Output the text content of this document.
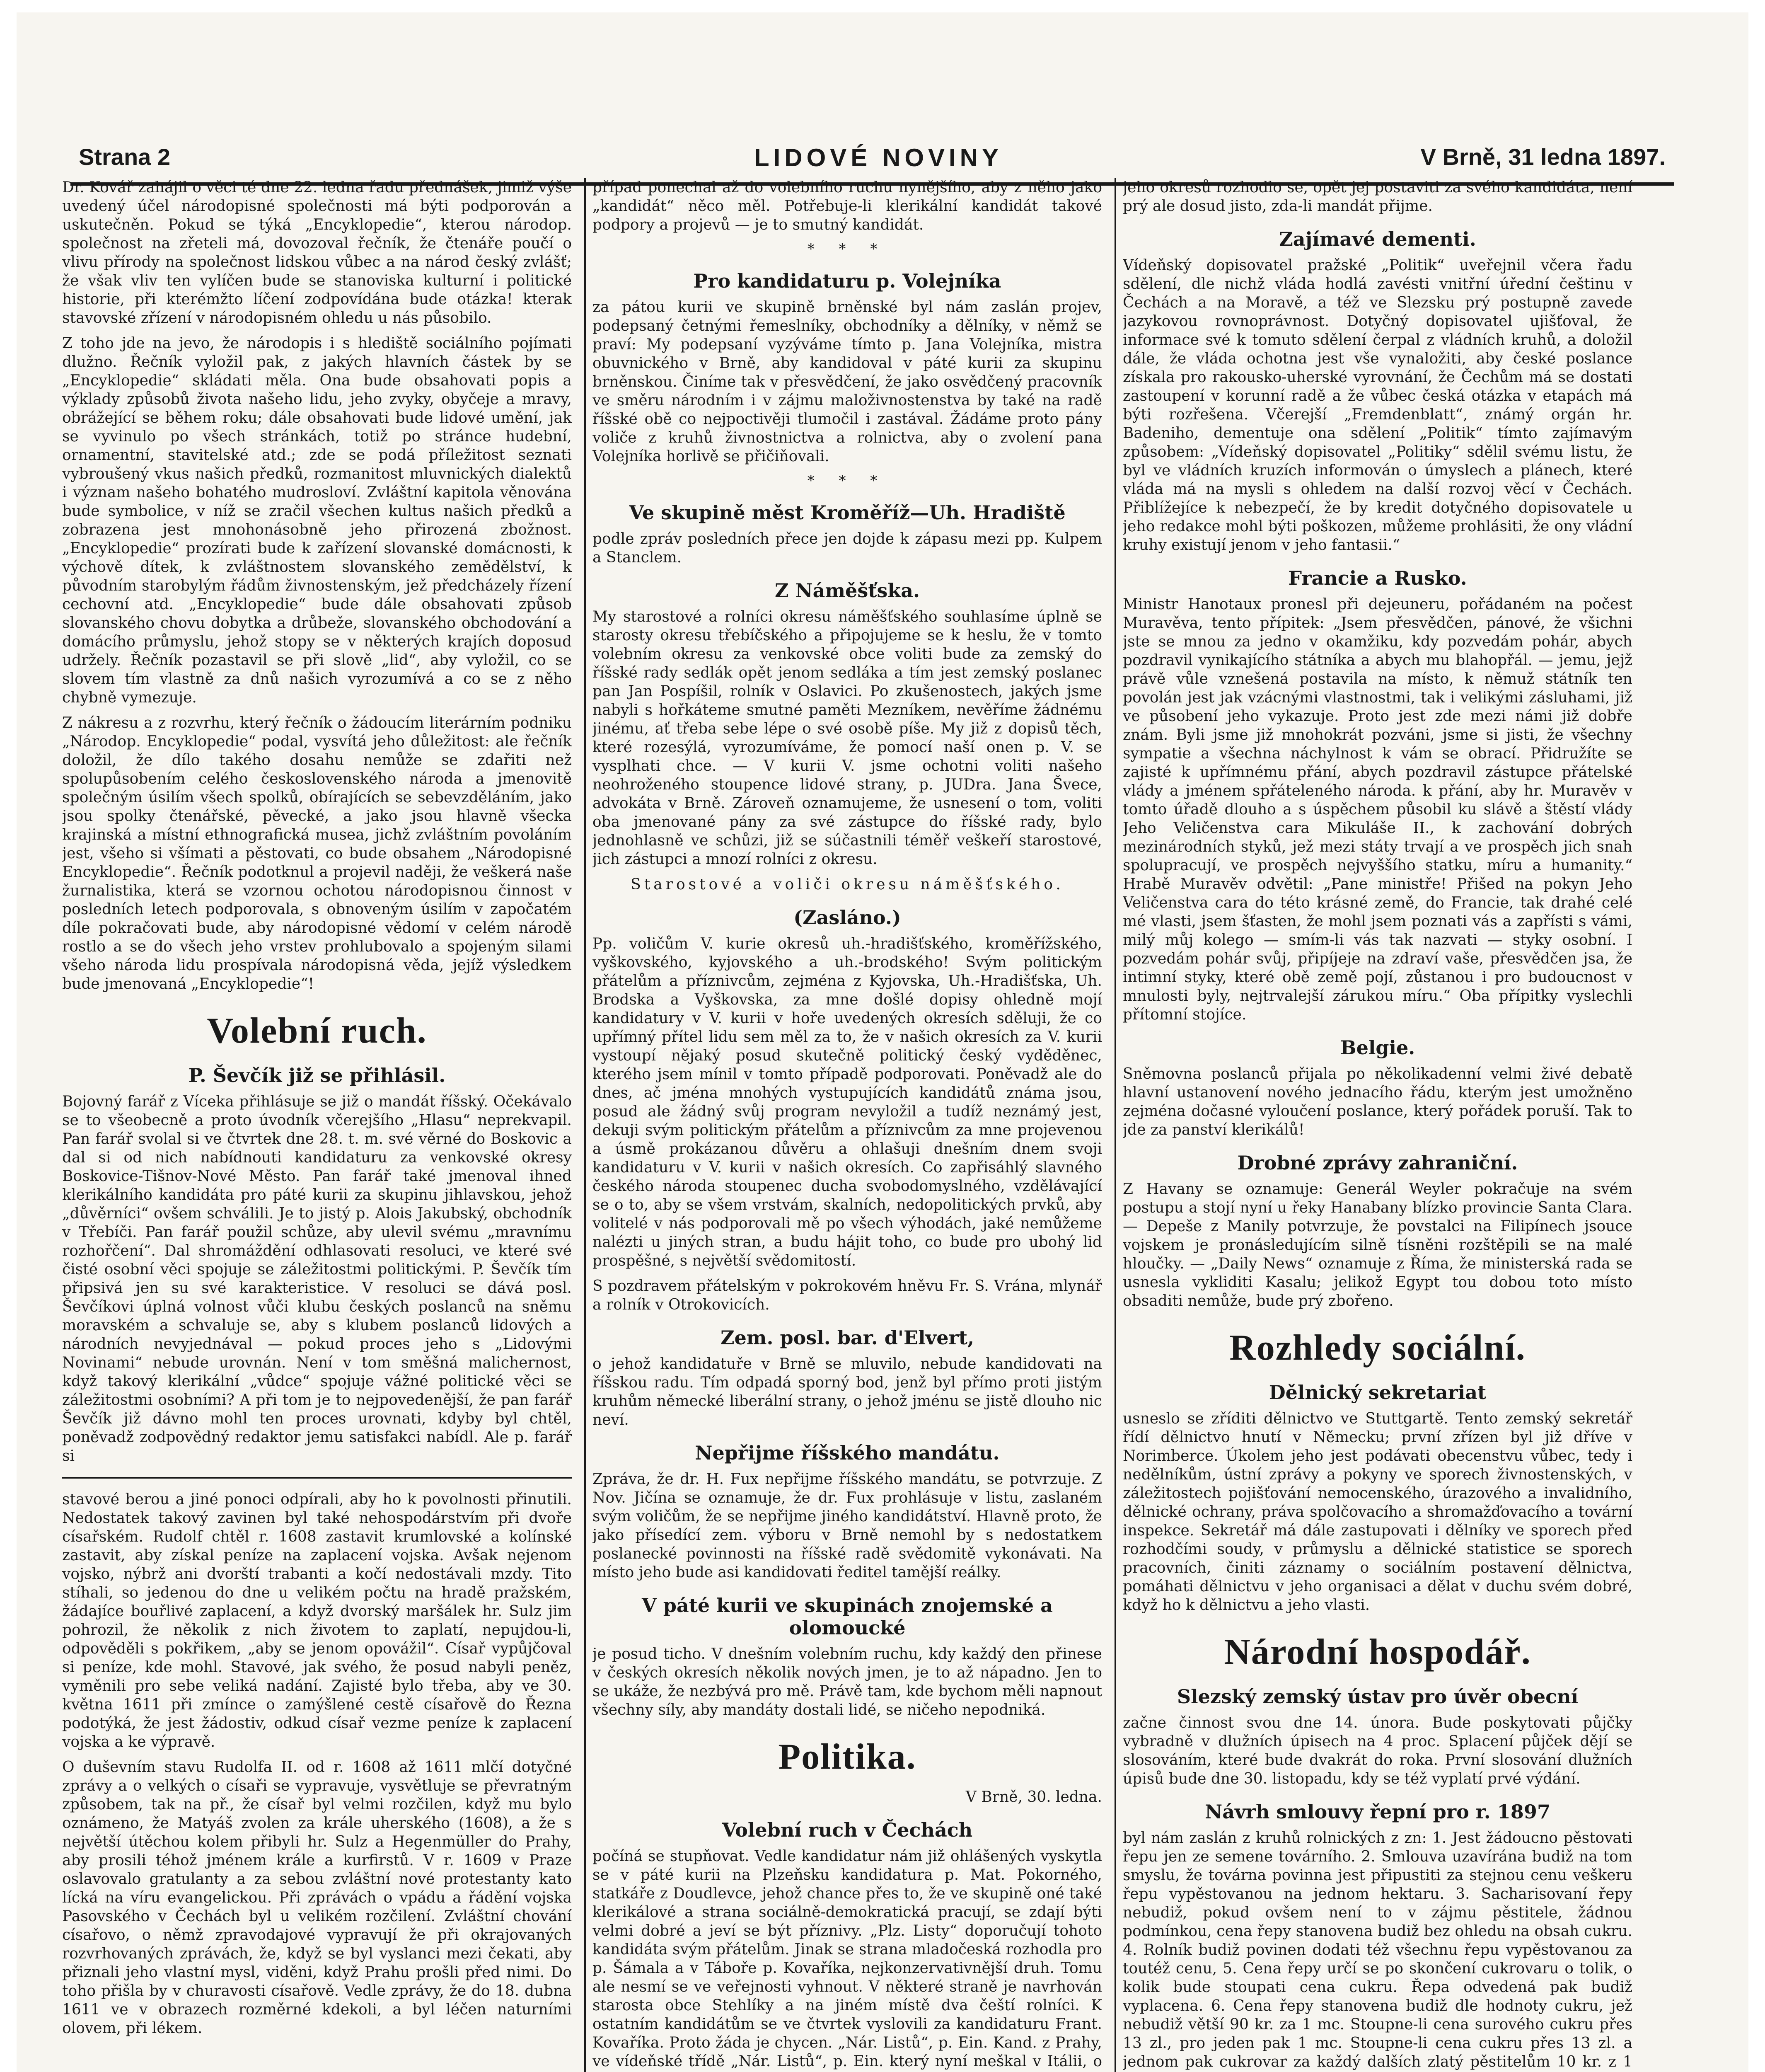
Strana 2	LIDOVÉ NOVINY	V Brně, 31 ledna 1897.

Dr. Kovář zahájil o věci té dne 22. ledna řadu přednášek, jimiž výše uvedený účel národopisné společnosti má býti podporován a uskutečněn. Pokud se týká „Encyklopedie“, kterou národop. společnost na zřeteli má, dovozoval řečník, že čtenáře poučí o vlivu přírody na společnost lidskou vůbec a na národ český zvlášť; že však vliv ten vylíčen bude se stanoviska kulturní i politické historie, při kterémžto líčení zodpovídána bude otázka! kterak stavovské zřízení v národopisném ohledu u nás působilo.

Z toho jde na jevo, že národopis i s hlediště sociálního pojímati dlužno. Řečník vyložil pak, z jakých hlavních částek by se „Encyklopedie“ skládati měla. Ona bude obsahovati popis a výklady způsobů života našeho lidu, jeho zvyky, obyčeje a mravy, obrážející se během roku; dále obsahovati bude lidové umění, jak se vyvinulo po všech stránkách, totiž po stránce hudební, ornamentní, stavitelské atd.; zde se podá příležitost seznati vybroušený vkus našich předků, rozmanitost mluvnických dialektů i význam našeho bohatého mudrosloví. Zvláštní kapitola věnována bude symbolice, v níž se zračil všechen kultus našich předků a zobrazena jest mnohonásobně jeho přirozená zbožnost. „Encyklopedie“ prozírati bude k zařízení slovanské domácnosti, k výchově dítek, k zvláštnostem slovanského zemědělství, k původním starobylým řádům živnostenským, jež předcházely řízení cechovní atd. „Encyklopedie“ bude dále obsahovati způsob slovanského chovu dobytka a drůbeže, slovanského obchodování a domácího průmyslu, jehož stopy se v některých krajích doposud udržely. Řečník pozastavil se při slově „lid“, aby vyložil, co se slovem tím vlastně za dnů našich vyrozumívá a co se z něho chybně vymezuje.

Z nákresu a z rozvrhu, který řečník o žádoucím literárním podniku „Národop. Encyklopedie“ podal, vysvítá jeho důležitost: ale řečník doložil, že dílo takého dosahu nemůže se zdařiti než spolupůsobením celého československého národa a jmenovitě společným úsilím všech spolků, obírajících se sebevzděláním, jako jsou spolky čtenářské, pěvecké, a jako jsou hlavně všecka krajinská a místní ethnografická musea, jichž zvláštním povoláním jest, všeho si všímati a pěstovati, co bude obsahem „Národopisné Encyklopedie“. Řečník podotknul a projevil naději, že veškerá naše žurnalistika, která se vzornou ochotou národopisnou činnost v posledních letech podporovala, s obnoveným úsilím v započatém díle pokračovati bude, aby národopisné vědomí v celém národě rostlo a se do všech jeho vrstev prohlubovalo a spojeným silami všeho národa lidu prospívala národopisná věda, jejíž výsledkem bude jmenovaná „Encyklopedie“!

Volební ruch.
P. Ševčík již se přihlásil.

Bojovný farář z Víceka přihlásuje se již o mandát říšský. Očekávalo se to všeobecně a proto úvodník včerejšího „Hlasu“ neprekvapil. Pan farář svolal si ve čtvrtek dne 28. t. m. své věrné do Boskovic a dal si od nich nabídnouti kandidaturu za venkovské okresy Boskovice-Tišnov-Nové Město. Pan farář také jmenoval ihned klerikálního kandidáta pro páté kurii za skupinu jihlavskou, jehož „důvěrníci“ ovšem schválili. Je to jistý p. Alois Jakubský, obchodník v Třebíči. Pan farář použil schůze, aby ulevil svému „mravnímu rozhořčení“. Dal shromáždění odhlasovati resoluci, ve které své čisté osobní věci spojuje se záležitostmi politickými. P. Ševčík tím připsivá jen su své karakteristice. V resoluci se dává posl. Ševčíkovi úplná volnost vůči klubu českých poslanců na sněmu moravském a schvaluje se, aby s klubem poslanců lidových a národních nevyjednával — pokud proces jeho s „Lidovými Novinami“ nebude urovnán. Není v tom směšná malichernost, když takový klerikální „vůdce“ spojuje vážné politické věci se záležitostmi osobními? A při tom je to nejpovedenější, že pan farář Ševčík již dávno mohl ten proces urovnati, kdyby byl chtěl, poněvadž zodpovědný redaktor jemu satisfakci nabídl. Ale p. farář si

stavové berou a jiné ponoci odpírali, aby ho k povolnosti přinutili. Nedostatek takový zavinen byl také nehospodárstvím při dvoře císařském. Rudolf chtěl r. 1608 zastavit krumlovské a kolínské zastavit, aby získal peníze na zaplacení vojska. Avšak nejenom vojsko, nýbrž ani dvorští trabanti a kočí nedostávali mzdy. Tito stíhali, so jedenou do dne u velikém počtu na hradě pražském, žádajíce bouřlivé zaplacení, a když dvorský maršálek hr. Sulz jim pohrozil, že několik z nich životem to zaplatí, nepujdou-li, odpověděli s pokřikem, „aby se jenom opovážil“. Císař vypůjčoval si peníze, kde mohl. Stavové, jak svého, že posud nabyli peněz, vyměnili pro sebe veliká nadání. Zajisté bylo třeba, aby ve 30. května 1611 při zmínce o zamýšlené cestě císařově do Řezna podotýká, že jest žádostiv, odkud císař vezme peníze k zaplacení vojska a ke výpravě.

O duševním stavu Rudolfa II. od r. 1608 až 1611 mlčí dotyčné zprávy a o velkých o císaři se vypravuje, vysvětluje se převratným způsobem, tak na př., že císař byl velmi rozčilen, když mu bylo oznámeno, že Matyáš zvolen za krále uherského (1608), a že s největší útěchou kolem přibyli hr. Sulz a Hegenmüller do Prahy, aby prosili téhož jménem krále a kurfirstů. V r. 1609 v Praze oslavovalo gratulanty a za sebou zvláštní nové protestanty kato lícká na víru evangelickou. Při zprávách o vpádu a řádění vojska Pasovského v Čechách byl u velikém rozčilení. Zvláštní chování císařovo, o němž zpravodajové vypravují že při okrajovaných rozvrhovaných zprávách, že, když se byl vyslanci mezi čekati, aby přiznali jeho vlastní mysl, viděni, když Prahu prošli před nimi. Do toho přišla by v churavosti císařově. Vedle zprávy, že do 18. dubna 1611 ve v obrazech rozměrné kdekoli, a byl léčen naturními olovem, při lékem.

případ ponechal až do volebního ruchu nynějšího, aby z něho jako „kandidát“ něco měl. Potřebuje-li klerikální kandidát takové podpory a projevů — je to smutný kandidát.

* * *
Pro kandidaturu p. Volejníka

za pátou kurii ve skupině brněnské byl nám zaslán projev, podepsaný četnými řemeslníky, obchodníky a dělníky, v němž se praví: My podepsaní vyzýváme tímto p. Jana Volejníka, mistra obuvnického v Brně, aby kandidoval v páté kurii za skupinu brněnskou. Činíme tak v přesvědčení, že jako osvědčený pracovník ve směru národním i v zájmu maloživnostenstva by také na radě říšské obě co nejpoctivěji tlumočil i zastával. Žádáme proto pány voliče z kruhů živnostnictva a rolnictva, aby o zvolení pana Volejníka horlivě se přičiňovali.

* * *
Ve skupině měst Kroměříž—Uh. Hradiště

podle zpráv posledních přece jen dojde k zápasu mezi pp. Kulpem a Stanclem.

Z Náměšťska.

My starostové a rolníci okresu náměšťského souhlasíme úplně se starosty okresu třebíčského a připojujeme se k heslu, že v tomto volebním okresu za venkovské obce voliti bude za zemský do říšské rady sedlák opět jenom sedláka a tím jest zemský poslanec pan Jan Pospíšil, rolník v Oslavici. Po zkušenostech, jakých jsme nabyli s hořkáteme smutné paměti Mezníkem, nevěříme žádnému jinému, ať třeba sebe lépe o své osobě píše. My již z dopisů těch, které rozesýlá, vyrozumíváme, že pomocí naší onen p. V. se vysplhati chce. — V kurii V. jsme ochotni voliti našeho neohroženého stoupence lidové strany, p. JUDra. Jana Švece, advokáta v Brně. Zároveň oznamujeme, že usnesení o tom, voliti oba jmenované pány za své zástupce do říšské rady, bylo jednohlasně ve schůzi, již se súčastnili téměř veškeří starostové, jich zástupci a mnozí rolníci z okresu.

Starostové a voliči okresu náměšťského.

(Zasláno.)

Pp. voličům V. kurie okresů uh.-hradišťského, kroměřížského, vyškovského, kyjovského a uh.-brodského! Svým politickým přátelům a příznivcům, zejména z Kyjovska, Uh.-Hradišťska, Uh. Brodska a Vyškovska, za mne došlé dopisy ohledně mojí kandidatury v V. kurii v hoře uvedených okresích sděluji, že co upřímný přítel lidu sem měl za to, že v našich okresích za V. kurii vystoupí nějaký posud skutečně politický český vyděděnec, kterého jsem mínil v tomto případě podporovati. Poněvadž ale do dnes, ač jména mnohých vystupujících kandidátů známa jsou, posud ale žádný svůj program nevyložil a tudíž neznámý jest, dekuji svým politickým přátelům a příznivcům za mne projevenou a úsmě prokázanou důvěru a ohlašuji dnešním dnem svoji kandidaturu v V. kurii v našich okresích. Co zapřisáhlý slavného českého národa stoupenec ducha svobodomyslného, vzdělávající se o to, aby se všem vrstvám, skalních, nedopolitických prvků, aby volitelé v nás podporovali mě po všech výhodách, jaké nemůžeme nalézti u jiných stran, a budu hájit toho, co bude pro ubohý lid prospěšné, s největší svědomitostí.

S pozdravem přátelským v pokrokovém hněvu Fr. S. Vrána, mlynář a rolník v Otrokovicích.

Zem. posl. bar. d'Elvert,

o jehož kandidatuře v Brně se mluvilo, nebude kandidovati na říšskou radu. Tím odpadá sporný bod, jenž byl přímo proti jistým kruhům německé liberální strany, o jehož jménu se jistě dlouho nic neví.

Nepřijme říšského mandátu.

Zpráva, že dr. H. Fux nepřijme říšského mandátu, se potvrzuje. Z Nov. Jičína se oznamuje, že dr. Fux prohlásuje v listu, zaslaném svým voličům, že se nepřijme jiného kandidátství. Hlavně proto, že jako přísedící zem. výboru v Brně nemohl by s nedostatkem poslanecké povinnosti na říšské radě svědomitě vykonávati. Na místo jeho bude asi kandidovati ředitel tamější reálky.

V páté kurii ve skupinách znojemské a olomoucké

je posud ticho. V dnešním volebním ruchu, kdy každý den přinese v českých okresích několik nových jmen, je to až nápadno. Jen to se ukáže, že nezbývá pro mě. Právě tam, kde bychom měli napnout všechny síly, aby mandáty dostali lidé, se ničeho nepodniká.

Politika.

V Brně, 30. ledna.

Volební ruch v Čechách

počíná se stupňovat. Vedle kandidatur nám již ohlášených vyskytla se v páté kurii na Plzeňsku kandidatura p. Mat. Pokorného, statkáře z Doudlevce, jehož chance přes to, že ve skupině oné také klerikálové a strana sociálně-demokratická pracují, se zdají býti velmi dobré a jeví se být příznivy. „Plz. Listy“ doporučují tohoto kandidáta svým přátelům. Jinak se strana mladočeská rozhodla pro p. Šámala a v Táboře p. Kovaříka, nejkonzervativnější druh. Tomu ale nesmí se ve veřejnosti vyhnout. V některé straně je navrhován starosta obce Stehlíky a na jiném místě dva čeští rolníci. K ostatním kandidátům se ve čtvrtek vyslovili za kandidaturu Frant. Kovaříka. Proto žáda je chycen. „Nár. Listů“, p. Ein. Kand. z Prahy, ve vídeňské třídě „Nár. Listů“, p. Ein. který nyní meškal v Itálii, o

jeho okresů rozhodlo se, opět jej postaviti za svého kandidáta, není prý ale dosud jisto, zda-li mandát přijme.

Zajímavé dementi.

Vídeňský dopisovatel pražské „Politik“ uveřejnil včera řadu sdělení, dle nichž vláda hodlá zavésti vnitřní úřední češtinu v Čechách a na Moravě, a též ve Slezsku prý postupně zavede jazykovou rovnoprávnost. Dotyčný dopisovatel ujišťoval, že informace své k tomuto sdělení čerpal z vládních kruhů, a doložil dále, že vláda ochotna jest vše vynaložiti, aby české poslance získala pro rakousko-uherské vyrovnání, že Čechům má se dostati zastoupení v korunní radě a že vůbec česká otázka v etapách má býti rozřešena. Včerejší „Fremdenblatt“, známý orgán hr. Badeniho, dementuje ona sdělení „Politik“ tímto zajímavým způsobem: „Vídeňský dopisovatel „Politiky“ sdělil svému listu, že byl ve vládních kruzích informován o úmyslech a plánech, které vláda má na mysli s ohledem na další rozvoj věcí v Čechách. Přiblížejíce k nebezpečí, že by kredit dotyčného dopisovatele u jeho redakce mohl býti poškozen, můžeme prohlásiti, že ony vládní kruhy existují jenom v jeho fantasii.“

Francie a Rusko.

Ministr Hanotaux pronesl při dejeuneru, pořádaném na počest Muravěva, tento přípitek: „Jsem přesvědčen, pánové, že všichni jste se mnou za jedno v okamžiku, kdy pozvedám pohár, abych pozdravil vynikajícího státníka a abych mu blahopřál. — jemu, jejž právě vůle vznešená postavila na místo, k němuž státník ten povolán jest jak vzácnými vlastnostmi, tak i velikými zásluhami, již ve působení jeho vykazuje. Proto jest zde mezi námi již dobře znám. Byli jsme již mnohokrát pozváni, jsme si jisti, že všechny sympatie a všechna náchylnost k vám se obrací. Přidružíte se zajisté k upřímnému přání, abych pozdravil zástupce přátelské vlády a jménem spřáteleného národa. k přání, aby hr. Muravěv v tomto úřadě dlouho a s úspěchem působil ku slávě a štěstí vlády Jeho Veličenstva cara Mikuláše II., k zachování dobrých mezinárodních styků, jež mezi státy trvají a ve prospěch jich snah spolupracují, ve prospěch nejvyššího statku, míru a humanity.“ Hrabě Muravěv odvětil: „Pane ministře! Přišed na pokyn Jeho Veličenstva cara do této krásné země, do Francie, tak drahé celé mé vlasti, jsem šťasten, že mohl jsem poznati vás a zapřísti s vámi, milý můj kolego — smím-li vás tak nazvati — styky osobní. I pozvedám pohár svůj, připíjeje na zdraví vaše, přesvědčen jsa, že intimní styky, které obě země pojí, zůstanou i pro budoucnost v mnulosti byly, nejtrvalejší zárukou míru.“ Oba přípitky vyslechli přítomní stojíce.

Belgie.

Sněmovna poslanců přijala po několikadenní velmi živé debatě hlavní ustanovení nového jednacího řádu, kterým jest umožněno zejména dočasné vyloučení poslance, který pořádek poruší. Tak to jde za panství klerikálů!

Drobné zprávy zahraniční.

Z Havany se oznamuje: Generál Weyler pokračuje na svém postupu a stojí nyní u řeky Hanabany blízko provincie Santa Clara. — Depeše z Manily potvrzuje, že povstalci na Filipínech jsouce vojskem je pronásledujícím silně tísněni rozštěpili se na malé hloučky. — „Daily News“ oznamuje z Říma, že ministerská rada se usnesla vykliditi Kasalu; jelikož Egypt tou dobou toto místo obsaditi nemůže, bude prý zbořeno.

Rozhledy sociální.
Dělnický sekretariat

usneslo se zříditi dělnictvo ve Stuttgartě. Tento zemský sekretář řídí dělnictvo hnutí v Německu; první zřízen byl již dříve v Norimberce. Úkolem jeho jest podávati obecenstvu vůbec, tedy i nedělníkům, ústní zprávy a pokyny ve sporech živnostenských, v záležitostech pojišťování nemocenského, úrazového a invalidního, dělnické ochrany, práva spolčovacího a shromažďovacího a tovární inspekce. Sekretář má dále zastupovati i dělníky ve sporech před rozhodčími soudy, v průmyslu a dělnické statistice se sporech pracovních, činiti záznamy o sociálním postavení dělnictva, pomáhati dělnictvu v jeho organisaci a dělat v duchu svém dobré, když ho k dělnictvu a jeho vlasti.

Národní hospodář.
Slezský zemský ústav pro úvěr obecní

začne činnost svou dne 14. února. Bude poskytovati půjčky vybradně v dlužních úpisech na 4 proc. Splacení půjček dějí se slosováním, které bude dvakrát do roka. První slosování dlužních úpisů bude dne 30. listopadu, kdy se též vyplatí prvé výdání.

Návrh smlouvy řepní pro r. 1897

byl nám zaslán z kruhů rolnických z zn: 1. Jest žádoucno pěstovati řepu jen ze semene továrního. 2. Smlouva uzavírána budiž na tom smyslu, že továrna povinna jest připustiti za stejnou cenu veškeru řepu vypěstovanou na jednom hektaru. 3. Sacharisovaní řepy nebudiž, pokud ovšem není to v zájmu pěstitele, žádnou podmínkou, cena řepy stanovena budiž bez ohledu na obsah cukru. 4. Rolník budiž povinen dodati též všechnu řepu vypěstovanou za toutéž cenu, 5. Cena řepy určí se po skončení cukrovaru o tolik, o kolik bude stoupati cena cukru. Řepa odvedená pak budiž vyplacena. 6. Cena řepy stanovena budiž dle hodnoty cukru, jež nebudiž větší 90 kr. za 1 mc. Stoupne-li cena surového cukru přes 13 zl., pro jeden pak 1 mc. Stoupne-li cena cukru přes 13 zl. a jednom pak cukrovar za každý dalších zlatý pěstitelům 10 kr. z 1
